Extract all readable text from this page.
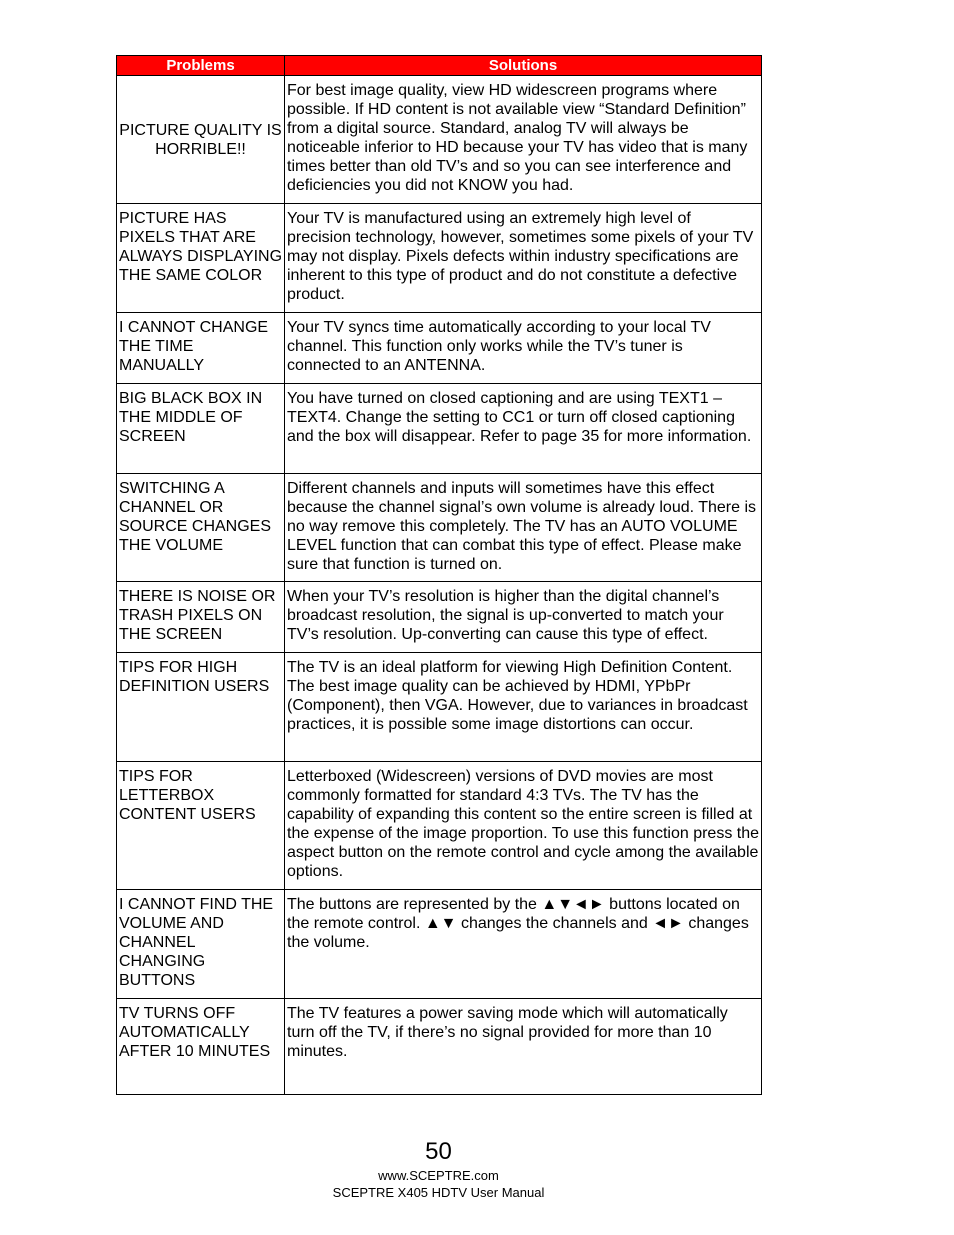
Problems	Solutions
PICTURE QUALITY IS HORRIBLE!!	For best image quality, view HD widescreen programs where possible. If HD content is not available view “Standard Definition” from a digital source. Standard, analog TV will always be noticeable inferior to HD because your TV has video that is many times better than old TV’s and so you can see interference and deficiencies you did not KNOW you had.
PICTURE HAS PIXELS THAT ARE ALWAYS DISPLAYING THE SAME COLOR	Your TV is manufactured using an extremely high level of precision technology, however, sometimes some pixels of your TV may not display. Pixels defects within industry specifications are inherent to this type of product and do not constitute a defective product.
I CANNOT CHANGE THE TIME MANUALLY	Your TV syncs time automatically according to your local TV channel. This function only works while the TV’s tuner is connected to an ANTENNA.
BIG BLACK BOX IN THE MIDDLE OF SCREEN	You have turned on closed captioning and are using TEXT1 – TEXT4. Change the setting to CC1 or turn off closed captioning and the box will disappear. Refer to page 35 for more information.
SWITCHING A CHANNEL OR SOURCE CHANGES THE VOLUME	Different channels and inputs will sometimes have this effect because the channel signal’s own volume is already loud. There is no way remove this completely. The TV has an AUTO VOLUME LEVEL function that can combat this type of effect. Please make sure that function is turned on.
THERE IS NOISE OR TRASH PIXELS ON THE SCREEN	When your TV’s resolution is higher than the digital channel’s broadcast resolution, the signal is up-converted to match your TV’s resolution. Up-converting can cause this type of effect.
TIPS FOR HIGH DEFINITION USERS	The TV is an ideal platform for viewing High Definition Content. The best image quality can be achieved by HDMI, YPbPr (Component), then VGA. However, due to variances in broadcast practices, it is possible some image distortions can occur.
TIPS FOR LETTERBOX CONTENT USERS	Letterboxed (Widescreen) versions of DVD movies are most commonly formatted for standard 4:3 TVs. The TV has the capability of expanding this content so the entire screen is filled at the expense of the image proportion. To use this function press the aspect button on the remote control and cycle among the available options.
I CANNOT FIND THE VOLUME AND CHANNEL CHANGING BUTTONS	The buttons are represented by the ▲▼◄► buttons located on the remote control. ▲▼ changes the channels and ◄► changes the volume.
TV TURNS OFF AUTOMATICALLY AFTER 10 MINUTES	The TV features a power saving mode which will automatically turn off the TV, if there’s no signal provided for more than 10 minutes.
50
www.SCEPTRE.com
SCEPTRE X405 HDTV User Manual
